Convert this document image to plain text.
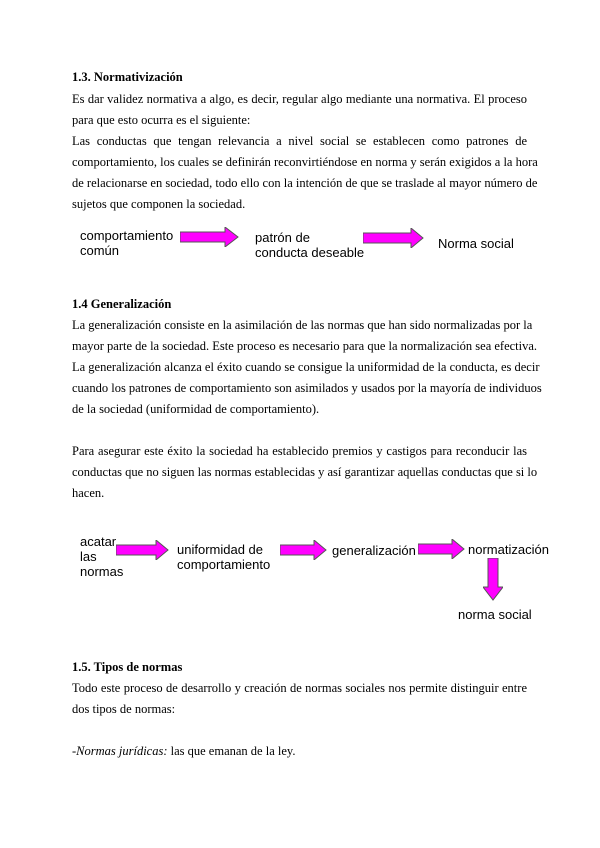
1.3. Normativización
Es dar validez normativa a algo, es decir, regular algo mediante una normativa. El proceso
para que esto ocurra es el siguiente:
Las conductas que tengan relevancia a nivel social se establecen como patrones de
comportamiento, los cuales se definirán reconvirtiéndose en norma y serán exigidos a la hora
de relacionarse en sociedad, todo ello con la intención de que se traslade al mayor número de
sujetos que componen la sociedad.
comportamiento
común
patrón de
conducta deseable
Norma social
1.4 Generalización
La generalización consiste en la asimilación de las normas que han sido normalizadas por la
mayor parte de la sociedad. Este proceso es necesario para que la normalización sea efectiva.
La generalización alcanza el éxito cuando se consigue la uniformidad de la conducta, es decir
cuando los patrones de comportamiento son asimilados y usados por la mayoría de individuos
de la sociedad (uniformidad de comportamiento).
Para asegurar este éxito la sociedad ha establecido premios y castigos para reconducir las
conductas que no siguen las normas establecidas y así garantizar aquellas conductas que si lo
hacen.
acatar
las
normas
uniformidad de
comportamiento
generalización	normatización
norma social
1.5. Tipos de normas
Todo este proceso de desarrollo y creación de normas sociales nos permite distinguir entre
dos tipos de normas:
-Normas jurídicas: las que emanan de la ley.
